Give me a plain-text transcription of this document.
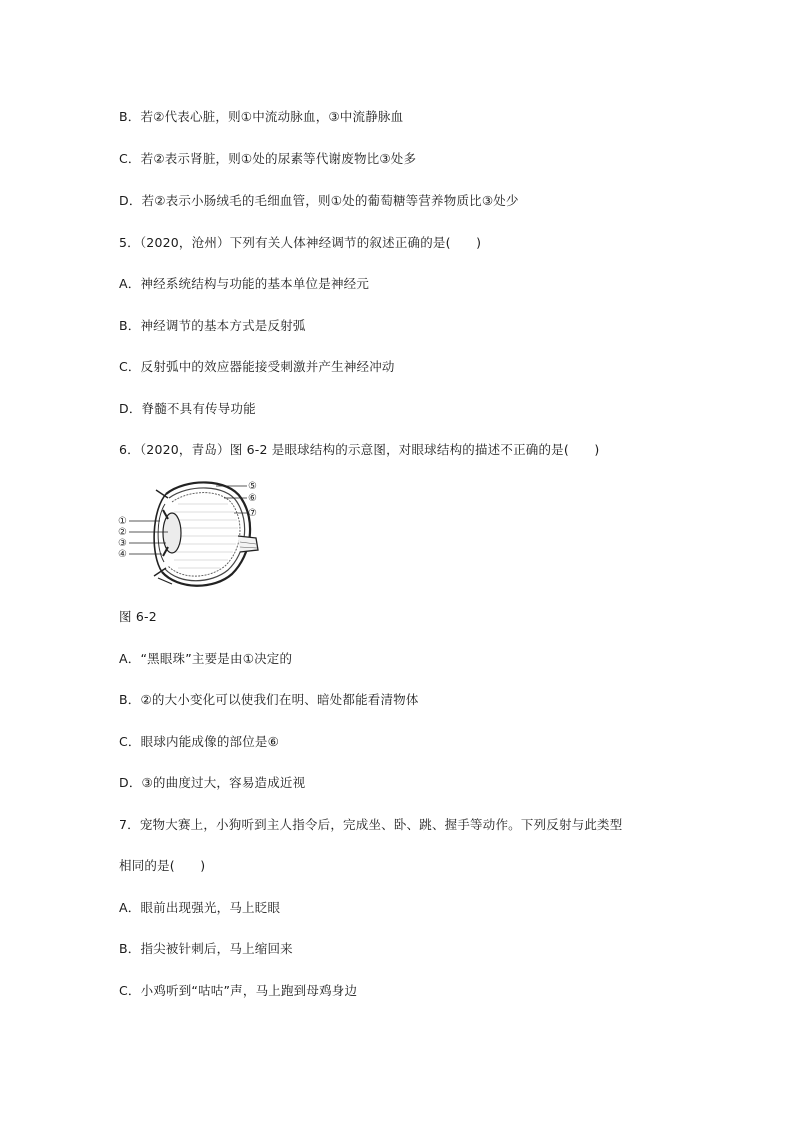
B．若②代表心脏，则①中流动脉血，③中流静脉血
C．若②表示肾脏，则①处的尿素等代谢废物比③处多
D．若②表示小肠绒毛的毛细血管，则①处的葡萄糖等营养物质比③处少
5．（2020，沧州）下列有关人体神经调节的叙述正确的是(　　)
A．神经系统结构与功能的基本单位是神经元
B．神经调节的基本方式是反射弧
C．反射弧中的效应器能接受刺激并产生神经冲动
D．脊髓不具有传导功能
6．（2020，青岛）图 6-2 是眼球结构的示意图，对眼球结构的描述不正确的是(　　)
①
②
③
④
⑤
⑥
⑦
图 6-2
A．“黑眼珠”主要是由①决定的
B．②的大小变化可以使我们在明、暗处都能看清物体
C．眼球内能成像的部位是⑥
D．③的曲度过大，容易造成近视
7．宠物大赛上，小狗听到主人指令后，完成坐、卧、跳、握手等动作。下列反射与此类型
相同的是(　　)
A．眼前出现强光，马上眨眼
B．指尖被针刺后，马上缩回来
C．小鸡听到“咕咕”声，马上跑到母鸡身边
